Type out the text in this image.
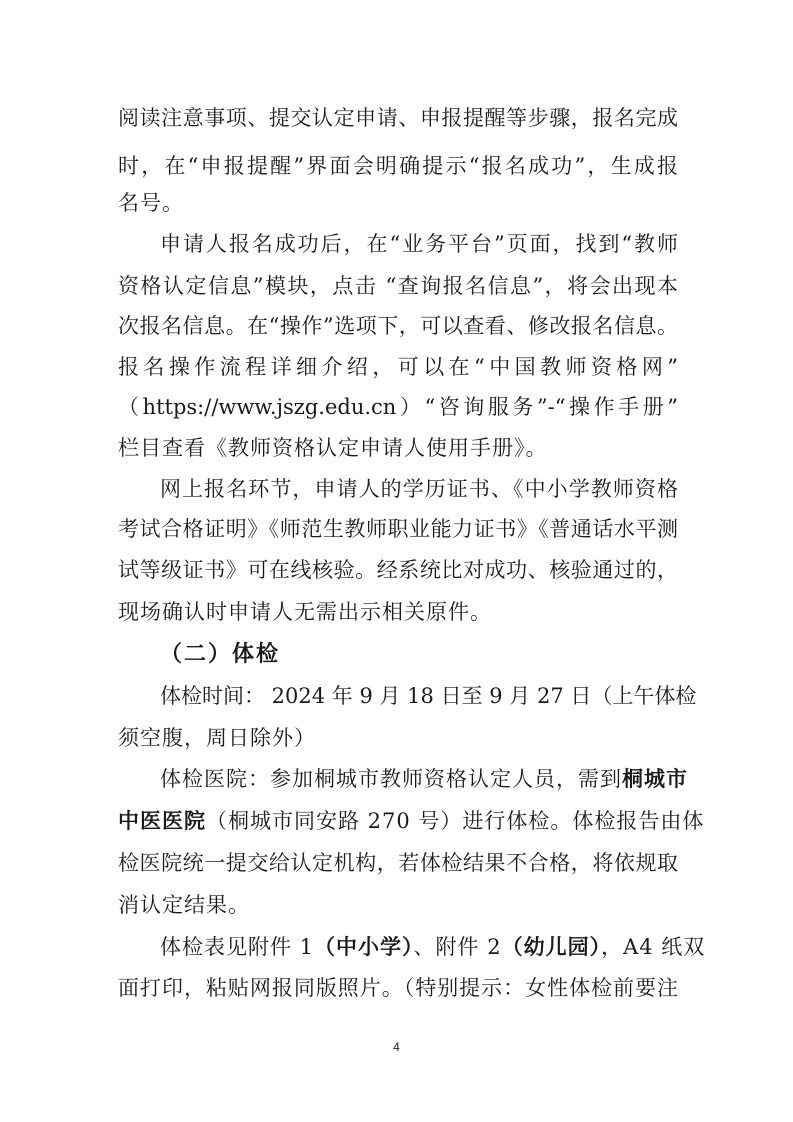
阅读注意事项、提交认定申请、申报提醒等步骤，报名完成
时，在“申报提醒”界面会明确提示“报名成功”，生成报
名号。
申请人报名成功后，在“业务平台”页面，找到“教师
资格认定信息”模块，点击 “查询报名信息”，将会出现本
次报名信息。在“操作”选项下，可以查看、修改报名信息。
报名操作流程详细介绍，可以在“中国教师资格网”
（https://www.jszg.edu.cn）“咨询服务”-“操作手册”
栏目查看《教师资格认定申请人使用手册》。
网上报名环节，申请人的学历证书、《中小学教师资格
考试合格证明》《师范生教师职业能力证书》《普通话水平测
试等级证书》可在线核验。经系统比对成功、核验通过的，
现场确认时申请人无需出示相关原件。
（二）体检
体检时间： 2024 年 9 月 18 日至 9 月 27 日（上午体检
须空腹，周日除外）
体检医院：参加桐城市教师资格认定人员，需到桐城市
中医医院（桐城市同安路 270 号）进行体检。体检报告由体
检医院统一提交给认定机构，若体检结果不合格，将依规取
消认定结果。
体检表见附件 1（中小学）、附件 2（幼儿园），A4 纸双
面打印，粘贴网报同版照片。（特别提示：女性体检前要注
4
